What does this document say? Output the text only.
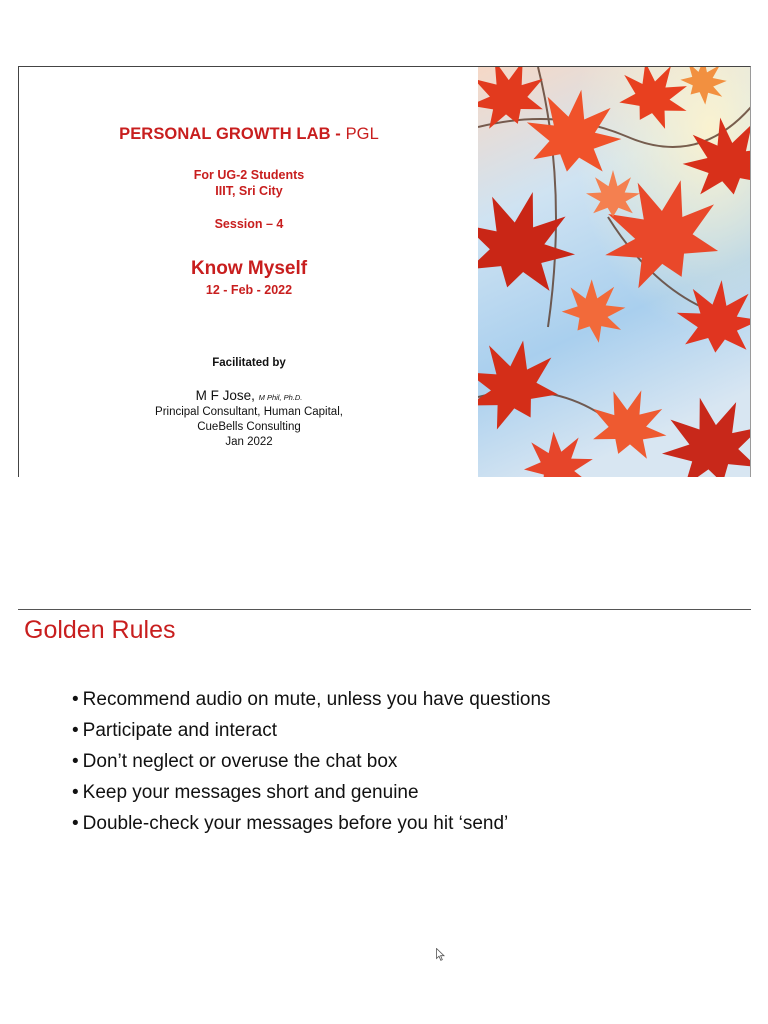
PERSONAL GROWTH LAB - PGL
For UG-2 Students
IIIT, Sri City
Session – 4
Know Myself
12 - Feb - 2022
Facilitated by
M F Jose, M Phil, Ph.D.
Principal Consultant, Human Capital,
CueBells Consulting
Jan 2022
Golden Rules
• Recommend audio on mute, unless you have questions
• Participate and interact
• Don’t neglect or overuse the chat box
• Keep your messages short and genuine
• Double-check your messages before you hit ‘send’
